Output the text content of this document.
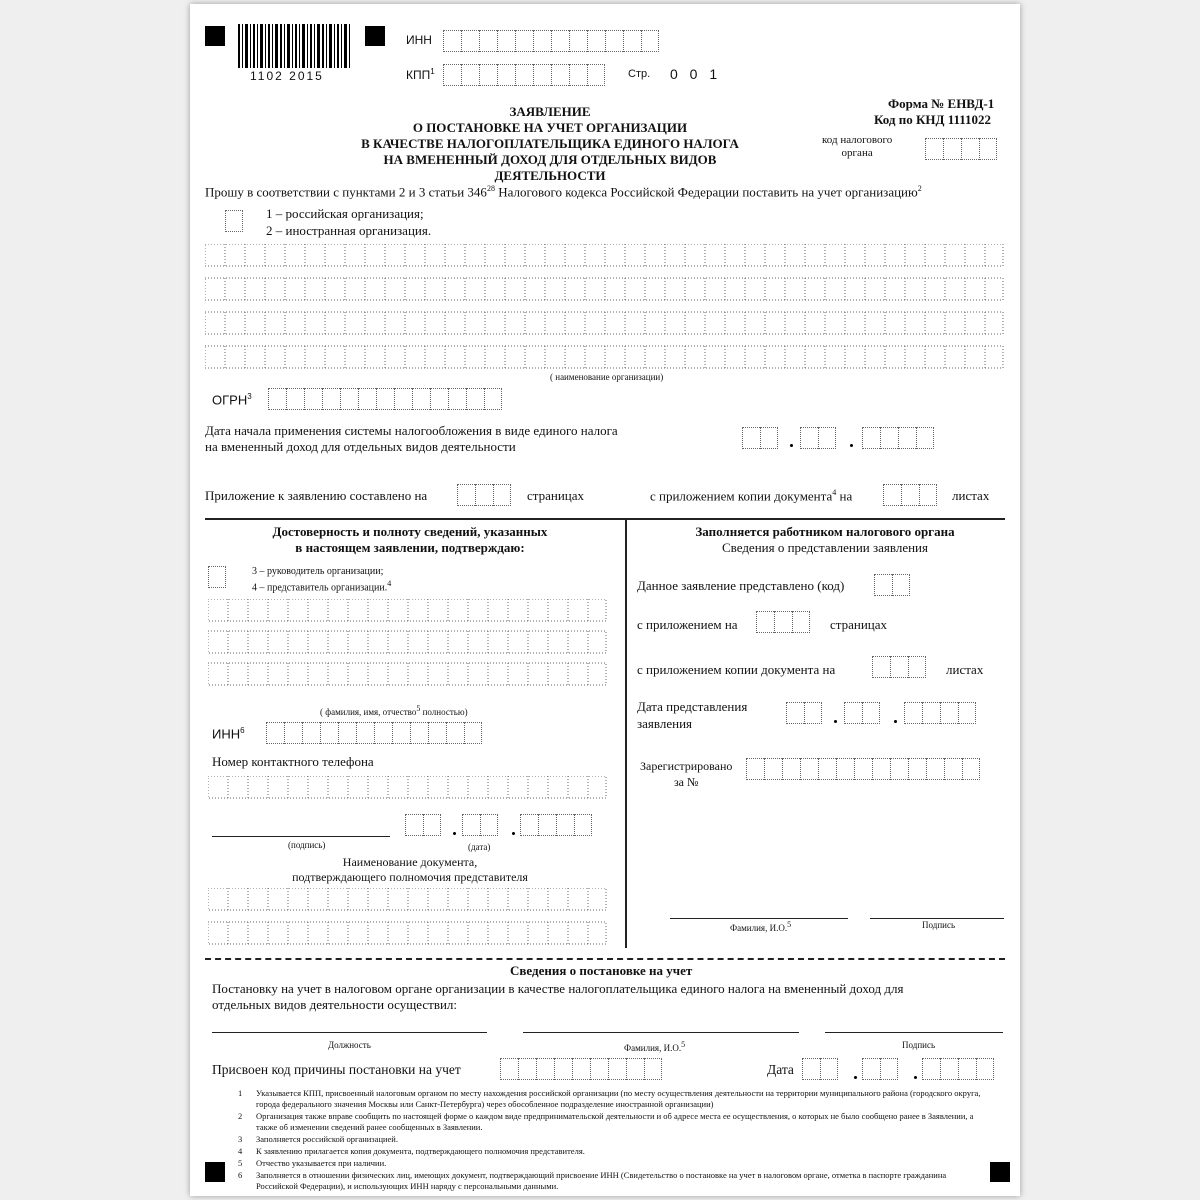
1102 2015
ИНН
КПП$^1$	Стр. 0 0 1
Форма № ЕНВД-1
Код по КНД 1111022
код налогового
органа
ЗАЯВЛЕНИЕ
О ПОСТАНОВКЕ НА УЧЕТ ОРГАНИЗАЦИИ
В КАЧЕСТВЕ НАЛОГОПЛАТЕЛЬЩИКА ЕДИНОГО НАЛОГА
НА ВМЕНЕННЫЙ ДОХОД ДЛЯ ОТДЕЛЬНЫХ ВИДОВ ДЕЯТЕЛЬНОСТИ
Прошу в соответствии с пунктами 2 и 3 статьи $346^{28}$ Налогового кодекса Российской Федерации поставить на учет организацию$^2$
1 – российская организация;
2 – иностранная организация.
( наименование организации)
ОГРН$^3$
Дата начала применения системы налогообложения в виде единого налога
на вмененный доход для отдельных видов деятельности
Приложение к заявлению составлено на	страницах	с приложением копии документа$^4$ на	листах
Достоверность и полноту сведений, указанных
в настоящем заявлении, подтверждаю:
3 – руководитель организации;
4 – представитель организации.$^4$
( фамилия, имя, отчество5 полностью)
ИНН$^6$
Номер контактного телефона
(подпись)	(дата)
Наименование документа,
подтверждающего полномочия представителя
Заполняется работником налогового органа
Сведения о представлении заявления
Данное заявление представлено (код)
с приложением на	страницах
с приложением копии документа на	листах
Дата представления
заявления
Зарегистрировано
за №
Фамилия, И.О.5	Подпись
Сведения о постановке на учет
Постановку на учет в налоговом органе организации в качестве налогоплательщика единого налога на вмененный доход для
отдельных видов деятельности осуществил:
Должность	Фамилия, И.О.5	Подпись
Присвоен код причины постановки на учет	Дата
1	Указывается КПП, присвоенный налоговым органом по месту нахождения российской организации (по месту осуществления деятельности на территории муниципального района (городского округа, города федерального значения Москвы или Санкт-Петербурга) через обособленное подразделение иностранной организации)
2	Организация также вправе сообщить по настоящей форме о каждом виде предпринимательской деятельности и об адресе места ее осуществления, о которых не было сообщено ранее в Заявлении, а также об изменении сведений ранее сообщенных в Заявлении.
3	Заполняется российской организацией.
4	К заявлению прилагается копия документа, подтверждающего полномочия представителя.
5	Отчество указывается при наличии.
6	Заполняется в отношении физических лиц, имеющих документ, подтверждающий присвоение ИНН (Свидетельство о постановке на учет в налоговом органе, отметка в паспорте гражданина Российской Федерации), и использующих ИНН наряду с персональными данными.
